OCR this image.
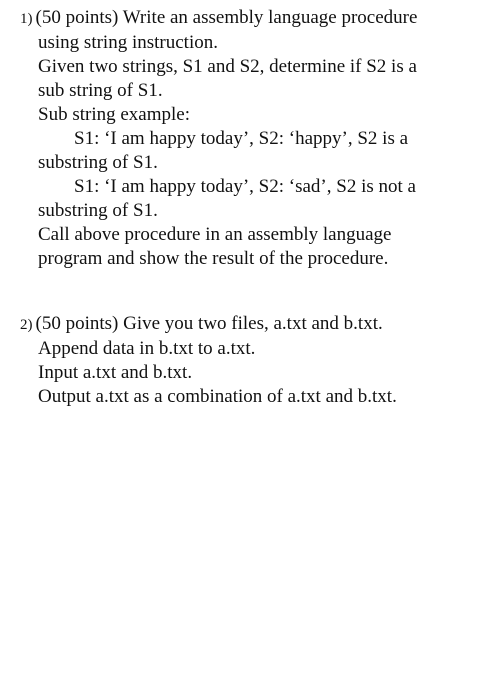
1) (50 points) Write an assembly language procedure
using string instruction.
Given two strings, S1 and S2, determine if S2 is a
sub string of S1.
Sub string example:
S1: ‘I am happy today’, S2: ‘happy’, S2 is a
substring of S1.
S1: ‘I am happy today’, S2: ‘sad’, S2 is not a
substring of S1.
Call above procedure in an assembly language
program and show the result of the procedure.
2) (50 points) Give you two files, a.txt and b.txt.
Append data in b.txt to a.txt.
Input a.txt and b.txt.
Output a.txt as a combination of a.txt and b.txt.
